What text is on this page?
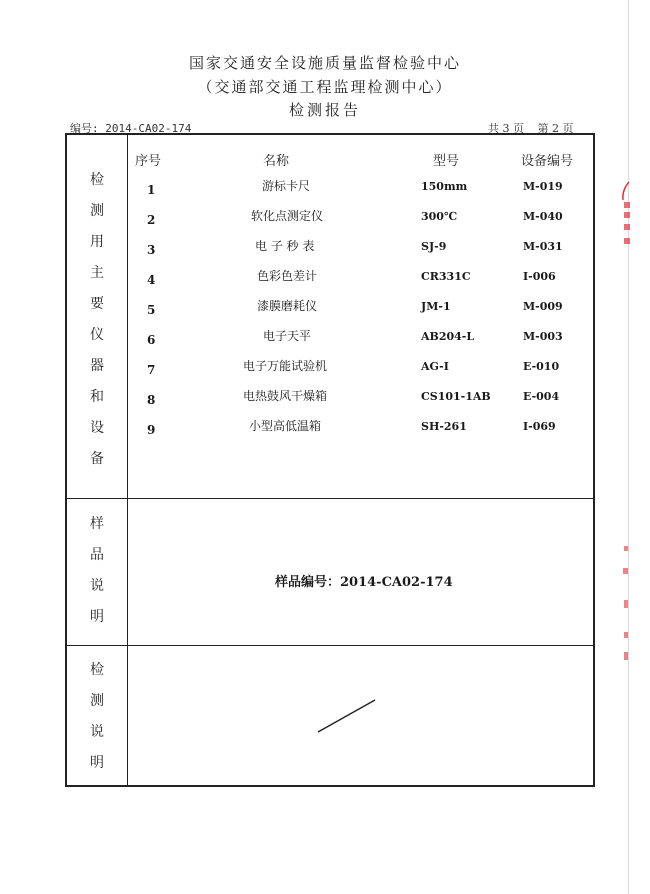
国家交通安全设施质量监督检验中心
（交通部交通工程监理检测中心）
检测报告
编号: 2014-CA02-174	共 3 页 第 2 页
检
测
用
主
要
仪
器
和
设
备
序号	名称	型号	设备编号
1	游标卡尺	150mm	M-019
2	软化点测定仪	300℃	M-040
3	电 子 秒 表	SJ-9	M-031
4	色彩色差计	CR331C	I-006
5	漆膜磨耗仪	JM-1	M-009
6	电子天平	AB204-L	M-003
7	电子万能试验机	AG-I	E-010
8	电热鼓风干燥箱	CS101-1AB	E-004
9	小型高低温箱	SH-261	I-069
样
品
说
明
样品编号：2014-CA02-174
检
测
说
明
